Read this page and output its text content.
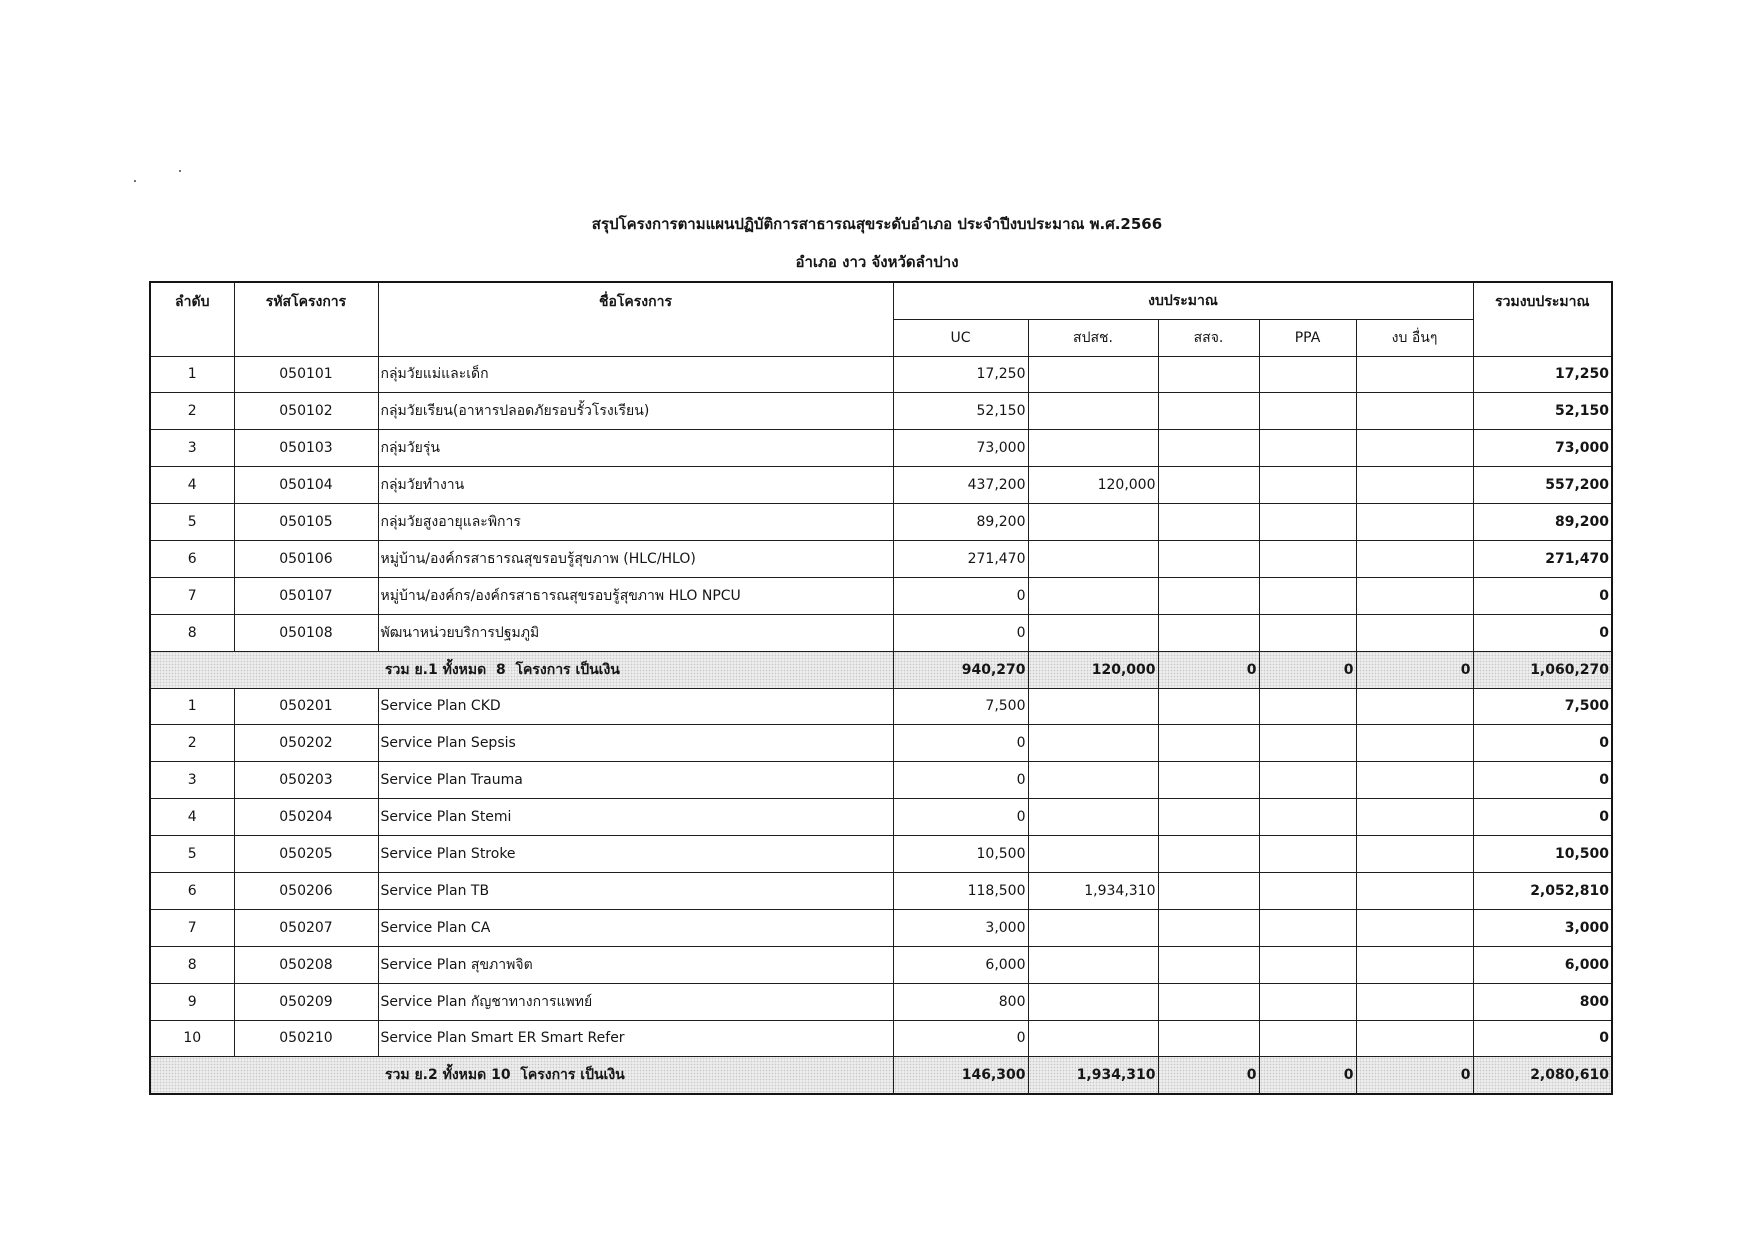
สรุปโครงการตามแผนปฏิบัติการสาธารณสุขระดับอำเภอ ประจำปีงบประมาณ พ.ศ.2566
อำเภอ งาว จังหวัดลำปาง
ลำดับ	รหัสโครงการ	ชื่อโครงการ	งบประมาณ					รวมงบประมาณ
			UC	สปสช.	สสจ.	PPA	งบ อื่นๆ	
1	050101	กลุ่มวัยแม่และเด็ก	17,250					17,250
2	050102	กลุ่มวัยเรียน(อาหารปลอดภัยรอบรั้วโรงเรียน)	52,150					52,150
3	050103	กลุ่มวัยรุ่น	73,000					73,000
4	050104	กลุ่มวัยทำงาน	437,200	120,000				557,200
5	050105	กลุ่มวัยสูงอายุและพิการ	89,200					89,200
6	050106	หมู่บ้าน/องค์กรสาธารณสุขรอบรู้สุขภาพ (HLC/HLO)	271,470					271,470
7	050107	หมู่บ้าน/องค์กร/องค์กรสาธารณสุขรอบรู้สุขภาพ HLO NPCU	0					0
8	050108	พัฒนาหน่วยบริการปฐมภูมิ	0					0
รวม ย.1 ทั้งหมด  8  โครงการ เป็นเงิน			940,270	120,000	0	0	0	1,060,270
1	050201	Service Plan CKD	7,500					7,500
2	050202	Service Plan Sepsis	0					0
3	050203	Service Plan Trauma	0					0
4	050204	Service Plan Stemi	0					0
5	050205	Service Plan Stroke	10,500					10,500
6	050206	Service Plan TB	118,500	1,934,310				2,052,810
7	050207	Service Plan CA	3,000					3,000
8	050208	Service Plan สุขภาพจิต	6,000					6,000
9	050209	Service Plan กัญชาทางการแพทย์	800					800
10	050210	Service Plan Smart ER Smart Refer	0					0
รวม ย.2 ทั้งหมด 10  โครงการ เป็นเงิน			146,300	1,934,310	0	0	0	2,080,610
